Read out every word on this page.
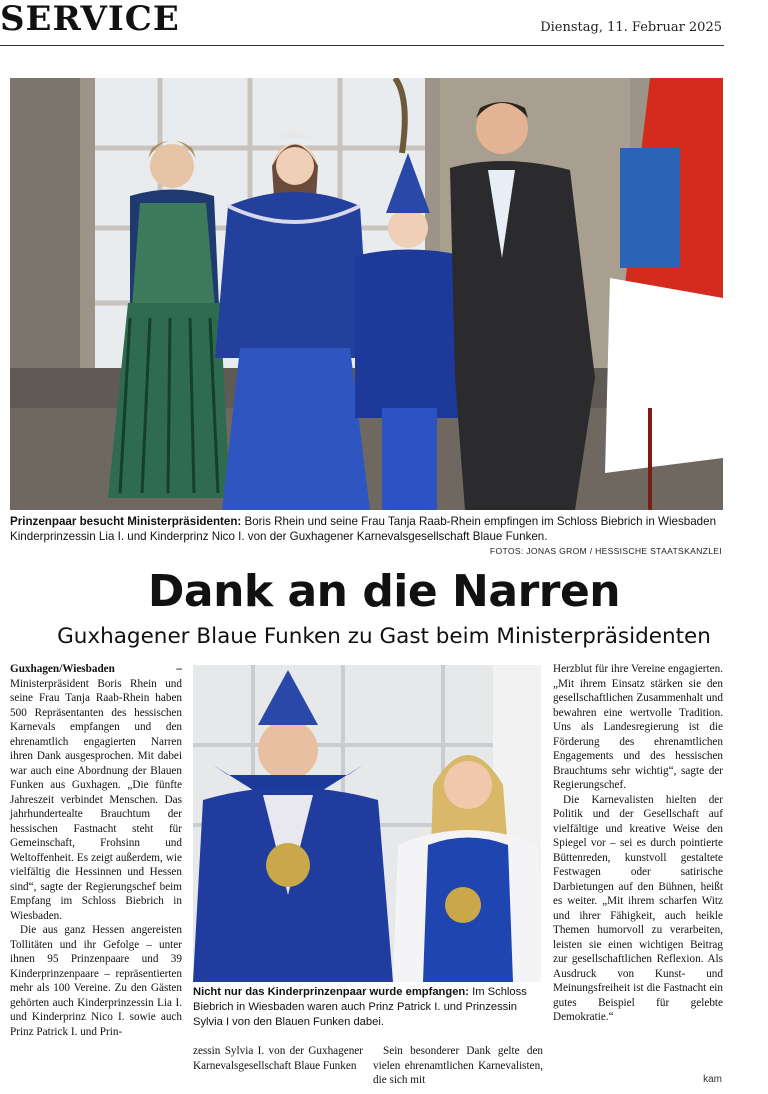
SERVICE	Dienstag, 11. Februar 2025
Prinzenpaar besucht Ministerpräsidenten: Boris Rhein und seine Frau Tanja Raab-Rhein empfingen im Schloss Biebrich in Wiesbaden Kinderprinzessin Lia I. und Kinderprinz Nico I. von der Guxhagener Karnevalsgesellschaft Blaue Funken.
FOTOS: JONAS GROM / HESSISCHE STAATSKANZLEI
Dank an die Narren
Guxhagener Blaue Funken zu Gast beim Ministerpräsidenten

Guxhagen/Wiesbaden – Ministerpräsident Boris Rhein und seine Frau Tanja Raab-Rhein haben 500 Repräsentanten des hessischen Karnevals empfangen und den ehrenamtlich engagierten Narren ihren Dank ausgesprochen. Mit dabei war auch eine Abordnung der Blauen Funken aus Guxhagen. „Die fünfte Jahreszeit verbindet Menschen. Das jahrhundertealte Brauchtum der hessischen Fastnacht steht für Gemeinschaft, Frohsinn und Weltoffenheit. Es zeigt außerdem, wie vielfältig die Hessinnen und Hessen sind“, sagte der Regierungschef beim Empfang im Schloss Biebrich in Wiesbaden.

Die aus ganz Hessen angereisten Tollitäten und ihr Gefolge – unter ihnen 95 Prinzenpaare und 39 Kinderprinzenpaare – repräsentierten mehr als 100 Vereine. Zu den Gästen gehörten auch Kinderprinzessin Lia I. und Kinderprinz Nico I. sowie auch Prinz Patrick I. und Prin-

Nicht nur das Kinderprinzenpaar wurde empfangen: Im Schloss Biebrich in Wiesbaden waren auch Prinz Patrick I. und Prinzessin Sylvia I von den Blauen Funken dabei.

zessin Sylvia I. von der Guxhagener Karnevalsgesellschaft Blaue Funken

Sein besonderer Dank gelte den vielen ehrenamtlichen Karnevalisten, die sich mit

Herzblut für ihre Vereine engagierten. „Mit ihrem Einsatz stärken sie den gesellschaftlichen Zusammenhalt und bewahren eine wertvolle Tradition. Uns als Landesregierung ist die Förderung des ehrenamtlichen Engagements und des hessischen Brauchtums sehr wichtig“, sagte der Regierungschef.

Die Karnevalisten hielten der Politik und der Gesellschaft auf vielfältige und kreative Weise den Spiegel vor – sei es durch pointierte Büttenreden, kunstvoll gestaltete Festwagen oder satirische Darbietungen auf den Bühnen, heißt es weiter. „Mit ihrem scharfen Witz und ihrer Fähigkeit, auch heikle Themen humorvoll zu verarbeiten, leisten sie einen wichtigen Beitrag zur gesellschaftlichen Reflexion. Als Ausdruck von Kunst- und Meinungsfreiheit ist die Fastnacht ein gutes Beispiel für gelebte Demokratie.“

kam
